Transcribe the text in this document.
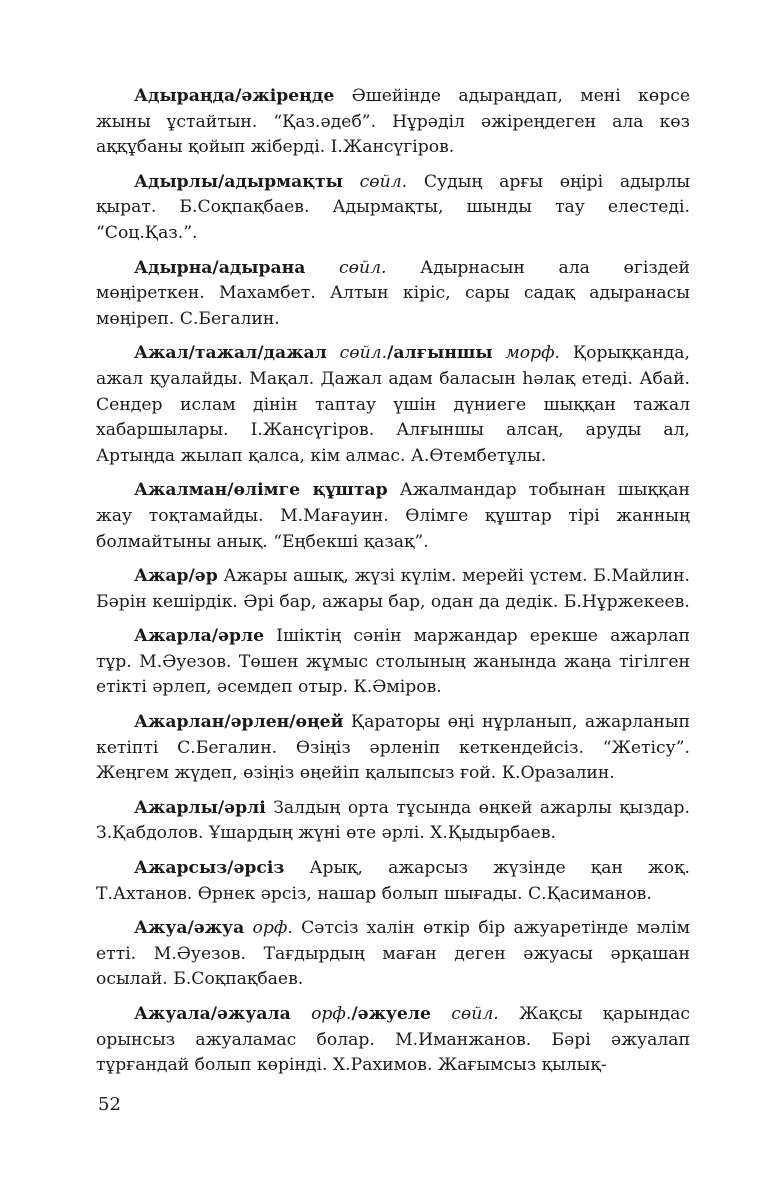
Адыраңда/әжіреңде Әшейінде адыраңдап, мені көрсе жыны ұстайтын. “Қаз.әдеб”. Нұрәділ әжіреңдеген ала көз аққұбаны қойып жіберді. І.Жансүгіров.

Адырлы/адырмақты сөйл. Судың арғы өңірі адырлы қырат. Б.Соқпақбаев. Адырмақты, шынды тау елестеді. “Соц.Қаз.”.

Адырна/адырана сөйл. Адырнасын ала өгіздей мөңіреткен. Махамбет. Алтын кіріс, сары садақ адыранасы мөңіреп. С.Бегалин.

Ажал/тажал/дажал сөйл./алғыншы морф. Қорыққанда, ажал қуалайды. Мақал. Дажал адам баласын һәлақ етеді. Абай. Сендер ислам дінін таптау үшін дүниеге шыққан тажал хабаршылары. І.Жансүгіров. Алғыншы алсаң, аруды ал, Артыңда жылап қалса, кім алмас. А.Өтембетұлы.

Ажалман/өлімге құштар Ажалмандар тобынан шыққан жау тоқтамайды. М.Мағауин. Өлімге құштар тірі жанның болмайтыны анық. “Еңбекші қазақ”.

Ажар/әр Ажары ашық, жүзі күлім. мерейі үстем. Б.Майлин. Бәрін кешірдік. Әрі бар, ажары бар, одан да дедік. Б.Нұржекеев.

Ажарла/әрле Ішіктің сәнін маржандар ерекше ажарлап тұр. М.Әуезов. Төшен жұмыс столының жанында жаңа тігілген етікті әрлеп, әсемдеп отыр. К.Әміров.

Ажарлан/әрлен/өңей Қараторы өңі нұрланып, ажарланып кетіпті С.Бегалин. Өзіңіз әрленіп кеткендейсіз. “Жетісу”. Жеңгем жүдеп, өзіңіз өңейіп қалыпсыз ғой. К.Оразалин.

Ажарлы/әрлі Залдың орта тұсында өңкей ажарлы қыздар. З.Қабдолов. Ұшардың жүні өте әрлі. Х.Қыдырбаев.

Ажарсыз/әрсіз Арық, ажарсыз жүзінде қан жоқ. Т.Ахтанов. Өрнек әрсіз, нашар болып шығады. С.Қасиманов.

Ажуа/әжуа орф. Сәтсіз халін өткір бір ажуаретінде мәлім етті. М.Әуезов. Тағдырдың маған деген әжуасы әрқашан осылай. Б.Соқпақбаев.

Ажуала/әжуала орф./әжуеле сөйл. Жақсы қарындас орынсыз ажуаламас болар. М.Иманжанов. Бәрі әжуалап тұрғандай болып көрінді. Х.Рахимов. Жағымсыз қылық-

52
